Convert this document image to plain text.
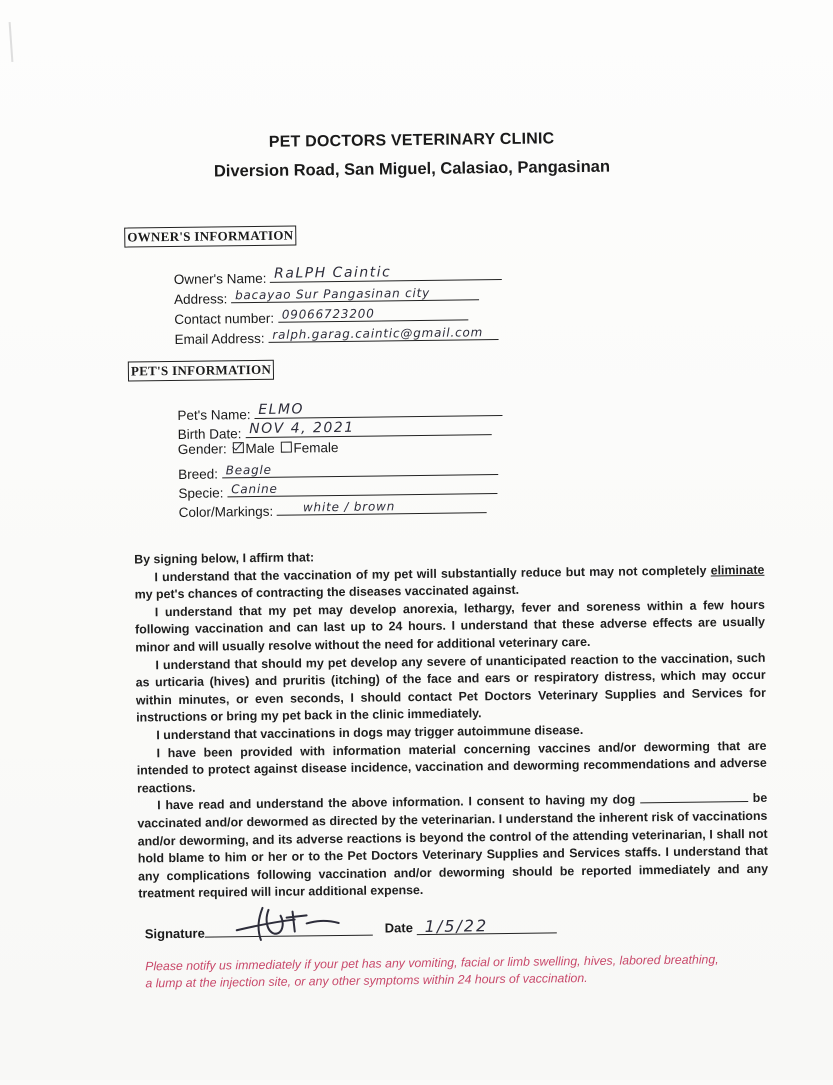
PET DOCTORS VETERINARY CLINIC
Diversion Road, San Miguel, Calasiao, Pangasinan
OWNER'S INFORMATION
Owner's Name: RaLPH Caintic
Address: bacayao Sur Pangasinan city
Contact number: 09066723200
Email Address: ralph.garag.caintic@gmail.com
PET'S INFORMATION
Pet's Name: ELMO
Birth Date: NOV 4, 2021
Gender: Male Female
Breed: Beagle
Specie: Canine
Color/Markings: white / brown

By signing below, I affirm that:

I understand that the vaccination of my pet will substantially reduce but may not completely eliminate my pet's chances of contracting the diseases vaccinated against.

I understand that my pet may develop anorexia, lethargy, fever and soreness within a few hours following vaccination and can last up to 24 hours. I understand that these adverse effects are usually minor and will usually resolve without the need for additional veterinary care.

I understand that should my pet develop any severe of unanticipated reaction to the vaccination, such as urticaria (hives) and pruritis (itching) of the face and ears or respiratory distress, which may occur within minutes, or even seconds, I should contact Pet Doctors Veterinary Supplies and Services for instructions or bring my pet back in the clinic immediately.

I understand that vaccinations in dogs may trigger autoimmune disease.

I have been provided with information material concerning vaccines and/or deworming that are intended to protect against disease incidence, vaccination and deworming recommendations and adverse reactions.

I have read and understand the above information. I consent to having my dog	be vaccinated and/or dewormed as directed by the veterinarian. I understand the inherent risk of vaccinations and/or deworming, and its adverse reactions is beyond the control of the attending veterinarian, I shall not hold blame to him or her or to the Pet Doctors Veterinary Supplies and Services staffs. I understand that any complications following vaccination and/or deworming should be reported immediately and any treatment required will incur additional expense.

Signature	Date 1/5/22
Please notify us immediately if your pet has any vomiting, facial or limb swelling, hives, labored breathing, a lump at the injection site, or any other symptoms within 24 hours of vaccination.
